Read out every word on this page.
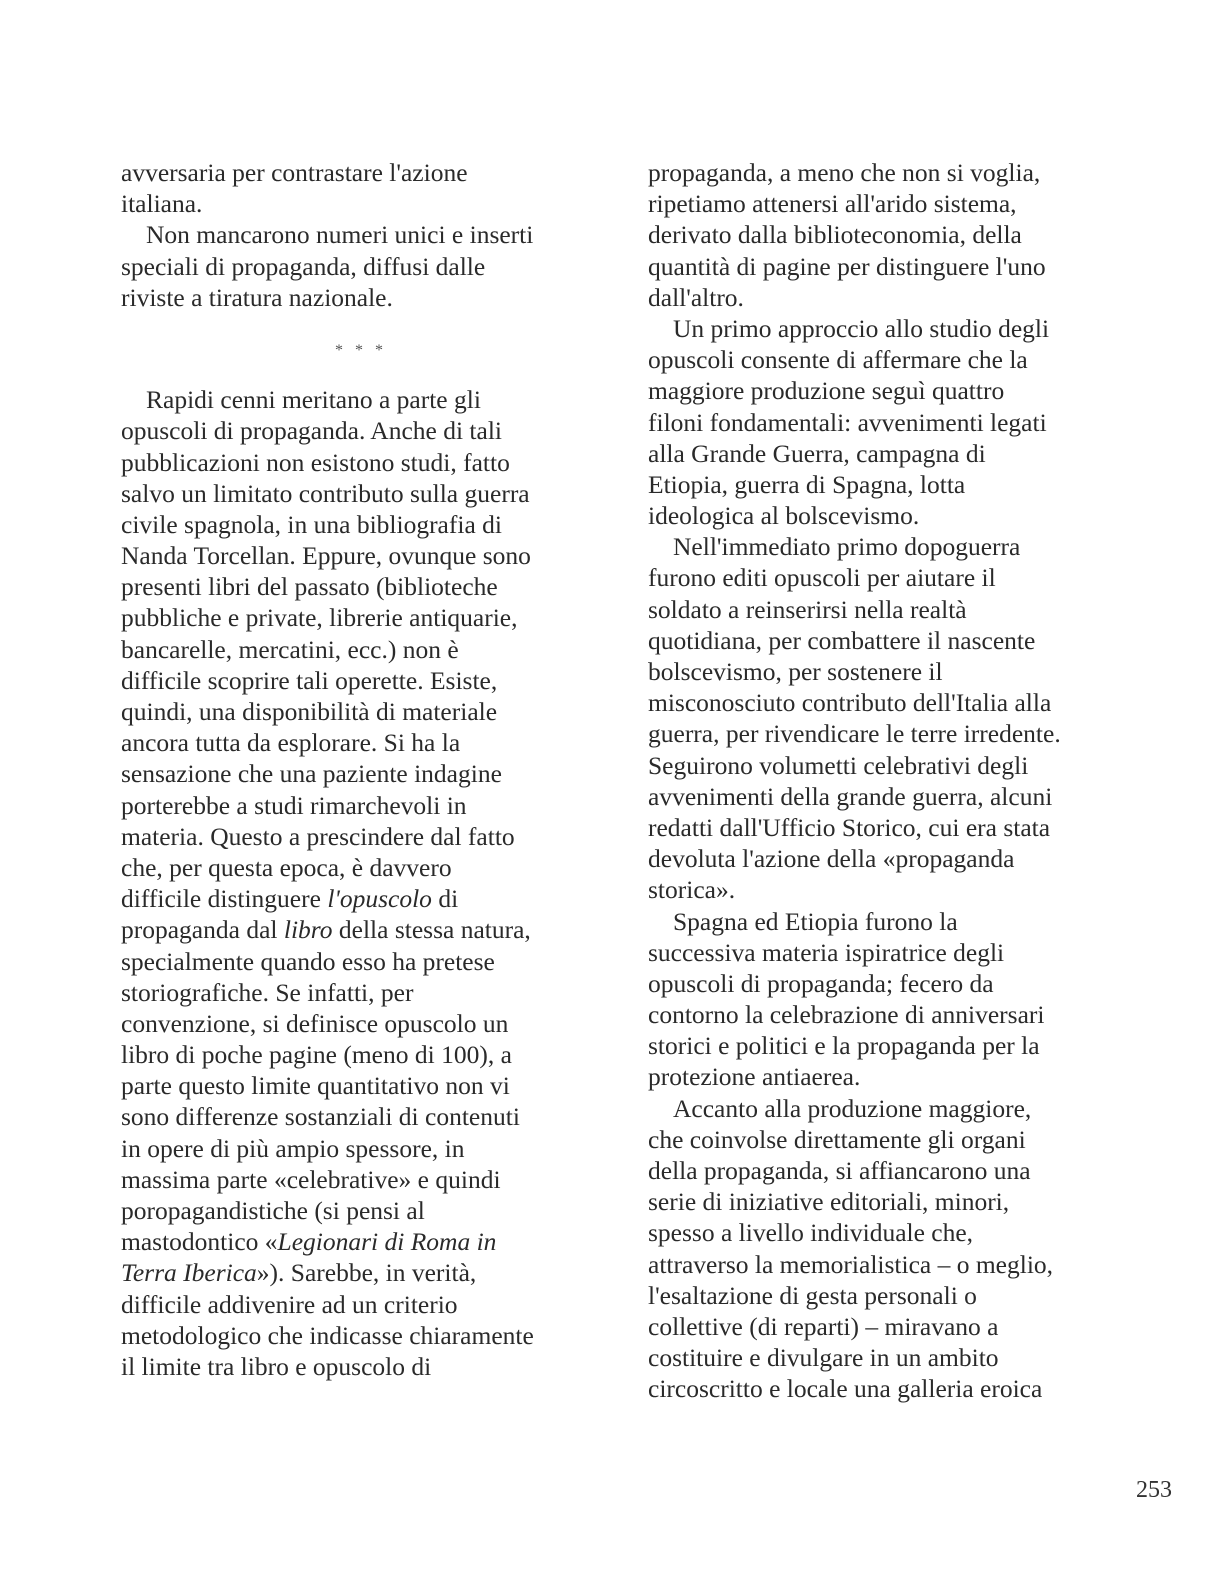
avversaria per contrastare l'azione
italiana.
Non mancarono numeri unici e inserti
speciali di propaganda, diffusi dalle
riviste a tiratura nazionale.
* * *
Rapidi cenni meritano a parte gli
opuscoli di propaganda. Anche di tali
pubblicazioni non esistono studi, fatto
salvo un limitato contributo sulla guerra
civile spagnola, in una bibliografia di
Nanda Torcellan. Eppure, ovunque sono
presenti libri del passato (biblioteche
pubbliche e private, librerie antiquarie,
bancarelle, mercatini, ecc.) non è
difficile scoprire tali operette. Esiste,
quindi, una disponibilità di materiale
ancora tutta da esplorare. Si ha la
sensazione che una paziente indagine
porterebbe a studi rimarchevoli in
materia. Questo a prescindere dal fatto
che, per questa epoca, è davvero
difficile distinguere l'opuscolo di
propaganda dal libro della stessa natura,
specialmente quando esso ha pretese
storiografiche. Se infatti, per
convenzione, si definisce opuscolo un
libro di poche pagine (meno di 100), a
parte questo limite quantitativo non vi
sono differenze sostanziali di contenuti
in opere di più ampio spessore, in
massima parte «celebrative» e quindi
poropagandistiche (si pensi al
mastodontico «Legionari di Roma in
Terra Iberica»). Sarebbe, in verità,
difficile addivenire ad un criterio
metodologico che indicasse chiaramente
il limite tra libro e opuscolo di
propaganda, a meno che non si voglia,
ripetiamo attenersi all'arido sistema,
derivato dalla biblioteconomia, della
quantità di pagine per distinguere l'uno
dall'altro.
Un primo approccio allo studio degli
opuscoli consente di affermare che la
maggiore produzione seguì quattro
filoni fondamentali: avvenimenti legati
alla Grande Guerra, campagna di
Etiopia, guerra di Spagna, lotta
ideologica al bolscevismo.
Nell'immediato primo dopoguerra
furono editi opuscoli per aiutare il
soldato a reinserirsi nella realtà
quotidiana, per combattere il nascente
bolscevismo, per sostenere il
misconosciuto contributo dell'Italia alla
guerra, per rivendicare le terre irredente.
Seguirono volumetti celebrativi degli
avvenimenti della grande guerra, alcuni
redatti dall'Ufficio Storico, cui era stata
devoluta l'azione della «propaganda
storica».
Spagna ed Etiopia furono la
successiva materia ispiratrice degli
opuscoli di propaganda; fecero da
contorno la celebrazione di anniversari
storici e politici e la propaganda per la
protezione antiaerea.
Accanto alla produzione maggiore,
che coinvolse direttamente gli organi
della propaganda, si affiancarono una
serie di iniziative editoriali, minori,
spesso a livello individuale che,
attraverso la memorialistica – o meglio,
l'esaltazione di gesta personali o
collettive (di reparti) – miravano a
costituire e divulgare in un ambito
circoscritto e locale una galleria eroica
253
